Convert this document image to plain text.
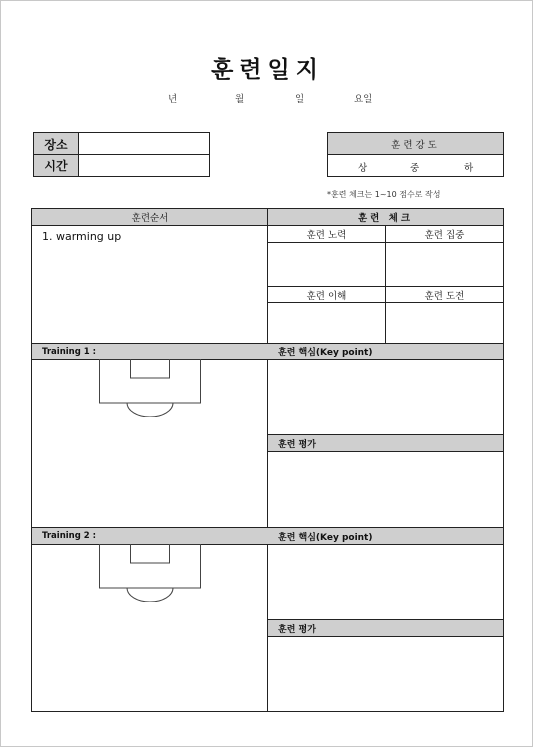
훈련일지
년	월	일	요일
장소
시간
훈련강도
상	중	하
*훈련 체크는 1~10 점수로 작성
훈련순서	훈련 체크
1. warming up	훈련 노력	훈련 집중
훈련 이해	훈련 도전
Training 1 :	훈련 핵심(Key point)
훈련 평가
Training 2 :	훈련 핵심(Key point)
훈련 평가
